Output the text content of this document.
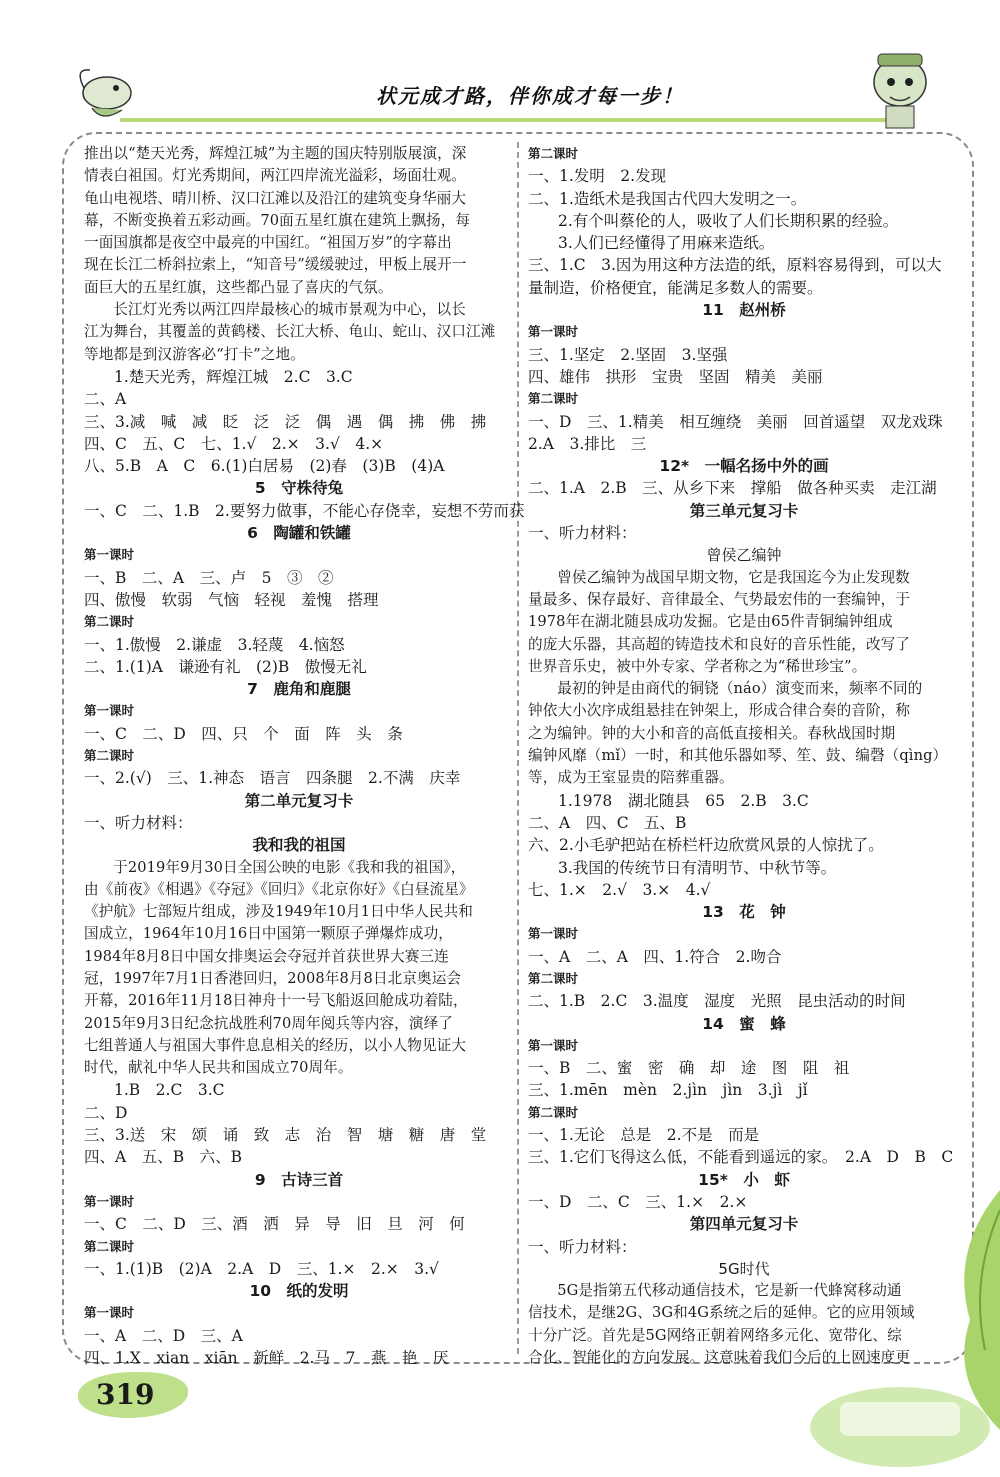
状元成才路，伴你成才每一步！
推出以“楚天光秀，辉煌江城”为主题的国庆特别版展演，深
情表白祖国。灯光秀期间，两江四岸流光溢彩，场面壮观。
龟山电视塔、晴川桥、汉口江滩以及沿江的建筑变身华丽大
幕，不断变换着五彩动画。70面五星红旗在建筑上飘扬，每
一面国旗都是夜空中最亮的中国红。“祖国万岁”的字幕出
现在长江二桥斜拉索上，“知音号”缓缓驶过，甲板上展开一
面巨大的五星红旗，这些都凸显了喜庆的气氛。
长江灯光秀以两江四岸最核心的城市景观为中心，以长
江为舞台，其覆盖的黄鹤楼、长江大桥、龟山、蛇山、汉口江滩
等地都是到汉游客必“打卡”之地。
1.楚天光秀，辉煌江城　2.C　3.C
二、A
三、3.减　喊　减　眨　泛　泛　偶　遇　偶　拂　佛　拂
四、C　五、C　七、1.√　2.×　3.√　4.×
八、5.B　A　C　6.(1)白居易　(2)春　(3)B　(4)A
5　守株待兔
一、C　二、1.B　2.要努力做事，不能心存侥幸，妄想不劳而获
6　陶罐和铁罐
第一课时
一、B　二、A　三、卢　5　③　②
四、傲慢　软弱　气恼　轻视　羞愧　搭理
第二课时
一、1.傲慢　2.谦虚　3.轻蔑　4.恼怒
二、1.(1)A　谦逊有礼　(2)B　傲慢无礼
7　鹿角和鹿腿
第一课时
一、C　二、D　四、只　个　面　阵　头　条
第二课时
一、2.(√)　三、1.神态　语言　四条腿　2.不满　庆幸
第二单元复习卡
一、听力材料：
我和我的祖国
于2019年9月30日全国公映的电影《我和我的祖国》，
由《前夜》《相遇》《夺冠》《回归》《北京你好》《白昼流星》
《护航》七部短片组成，涉及1949年10月1日中华人民共和
国成立，1964年10月16日中国第一颗原子弹爆炸成功，
1984年8月8日中国女排奥运会夺冠并首获世界大赛三连
冠，1997年7月1日香港回归，2008年8月8日北京奥运会
开幕，2016年11月18日神舟十一号飞船返回舱成功着陆，
2015年9月3日纪念抗战胜利70周年阅兵等内容，演绎了
七组普通人与祖国大事件息息相关的经历，以小人物见证大
时代，献礼中华人民共和国成立70周年。
1.B　2.C　3.C
二、D
三、3.送　宋　颂　诵　致　志　治　智　塘　糖　唐　堂
四、A　五、B　六、B
9　古诗三首
第一课时
一、C　二、D　三、酒　洒　异　导　旧　旦　河　何
第二课时
一、1.(1)B　(2)A　2.A　D　三、1.×　2.×　3.√
10　纸的发明
第一课时
一、A　二、D　三、A
四、1.X　xian　xiān　新鲜　2.马　7　燕　艳　厌
第二课时
一、1.发明　2.发现
二、1.造纸术是我国古代四大发明之一。
2.有个叫蔡伦的人，吸收了人们长期积累的经验。
3.人们已经懂得了用麻来造纸。
三、1.C　3.因为用这种方法造的纸，原料容易得到，可以大
量制造，价格便宜，能满足多数人的需要。
11　赵州桥
第一课时
三、1.坚定　2.坚固　3.坚强
四、雄伟　拱形　宝贵　坚固　精美　美丽
第二课时
一、D　三、1.精美　相互缠绕　美丽　回首遥望　双龙戏珠
2.A　3.排比　三
12*　一幅名扬中外的画
二、1.A　2.B　三、从乡下来　撑船　做各种买卖　走江湖
第三单元复习卡
一、听力材料：
曾侯乙编钟
曾侯乙编钟为战国早期文物，它是我国迄今为止发现数
量最多、保存最好、音律最全、气势最宏伟的一套编钟，于
1978年在湖北随县成功发掘。它是由65件青铜编钟组成
的庞大乐器，其高超的铸造技术和良好的音乐性能，改写了
世界音乐史，被中外专家、学者称之为“稀世珍宝”。
最初的钟是由商代的铜铙（náo）演变而来，频率不同的
钟依大小次序成组悬挂在钟架上，形成合律合奏的音阶，称
之为编钟。钟的大小和音的高低直接相关。春秋战国时期
编钟风靡（mǐ）一时，和其他乐器如琴、笙、鼓、编磬（qìng）
等，成为王室显贵的陪葬重器。
1.1978　湖北随县　65　2.B　3.C
二、A　四、C　五、B
六、2.小毛驴把站在桥栏杆边欣赏风景的人惊扰了。
3.我国的传统节日有清明节、中秋节等。
七、1.×　2.√　3.×　4.√
13　花　钟
第一课时
一、A　二、A　四、1.符合　2.吻合
第二课时
二、1.B　2.C　3.温度　湿度　光照　昆虫活动的时间
14　蜜　蜂
第一课时
一、B　二、蜜　密　确　却　途　图　阻　祖
三、1.mēn　mèn　2.jìn　jìn　3.jì　jǐ
第二课时
一、1.无论　总是　2.不是　而是
三、1.它们飞得这么低，不能看到遥远的家。　2.A　D　B　C
15*　小　虾
一、D　二、C　三、1.×　2.×
第四单元复习卡
一、听力材料：
5G时代
5G是指第五代移动通信技术，它是新一代蜂窝移动通
信技术，是继2G、3G和4G系统之后的延伸。它的应用领域
十分广泛。首先是5G网络正朝着网络多元化、宽带化、综
合化、智能化的方向发展。这意味着我们今后的上网速度更
319
